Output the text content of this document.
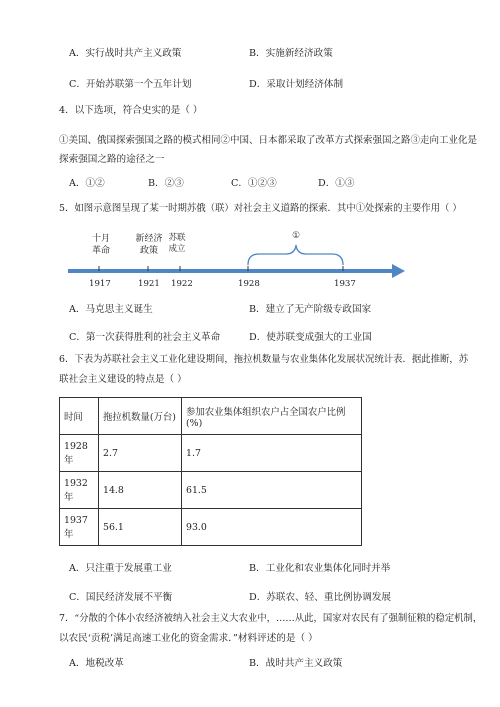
A．实行战时共产主义政策	B．实施新经济政策
C．开始苏联第一个五年计划	D．采取计划经济体制
4．以下选项，符合史实的是（ ）
①美国、俄国探索强国之路的模式相同②中国、日本都采取了改革方式探索强国之路③走向工业化是
探索强国之路的途径之一
A．①②	B．②③	C．①②③	D．①③
5．如图示意图呈现了某一时期苏俄（联）对社会主义道路的探索．其中①处探索的主要作用（ ）
十月
革命
新经济
政策
苏联
成立
①
1917	1921 1922	1928	1937
A．马克思主义诞生	B．建立了无产阶级专政国家
C．第一次获得胜利的社会主义革命	D．使苏联变成强大的工业国
6．下表为苏联社会主义工业化建设期间，拖拉机数量与农业集体化发展状况统计表．据此推断，苏
联社会主义建设的特点是（ ）
时间	拖拉机数量(万台)	参加农业集体组织农户占全国农户比例(%)
1928 年	2.7	1.7
1932 年	14.8	61.5
1937 年	56.1	93.0
A．只注重于发展重工业	B．工业化和农业集体化同时并举
C．国民经济发展不平衡	D．苏联农、轻、重比例协调发展
7．“分散的个体小农经济被纳入社会主义大农业中，……从此，国家对农民有了强制征粮的稳定机制，
以农民‘贡税’满足高速工业化的资金需求．”材料评述的是（ ）
A．地税改革	B．战时共产主义政策
